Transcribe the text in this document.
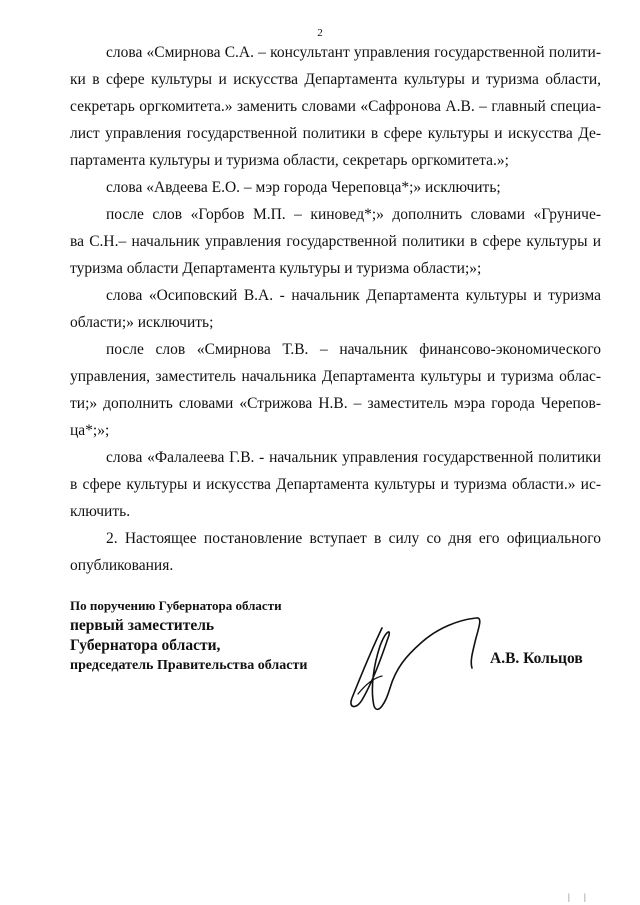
2
слова «Смирнова С.А. – консультант управления государственной полити-
ки в сфере культуры и искусства Департамента культуры и туризма области,
секретарь оргкомитета.» заменить словами «Сафронова А.В. – главный специа-
лист управления государственной политики в сфере культуры и искусства Де-
партамента культуры и туризма области, секретарь оргкомитета.»;
слова «Авдеева Е.О. – мэр города Череповца*;» исключить;
после слов «Горбов М.П. – киновед*;» дополнить словами «Груниче-
ва С.Н.– начальник управления государственной политики в сфере культуры и
туризма области Департамента культуры и туризма области;»;
слова «Осиповский В.А. - начальник Департамента культуры и туризма
области;» исключить;
после слов «Смирнова Т.В. – начальник финансово-экономического
управления, заместитель начальника Департамента культуры и туризма облас-
ти;» дополнить словами «Стрижова Н.В. – заместитель мэра города Черепов-
ца*;»;
слова «Фалалеева Г.В. - начальник управления государственной политики
в сфере культуры и искусства Департамента культуры и туризма области.» ис-
ключить.
2. Настоящее постановление вступает в силу со дня его официального
опубликования.
По поручению Губернатора области
первый заместитель
Губернатора области,
председатель Правительства области	А.В. Кольцов
| |
